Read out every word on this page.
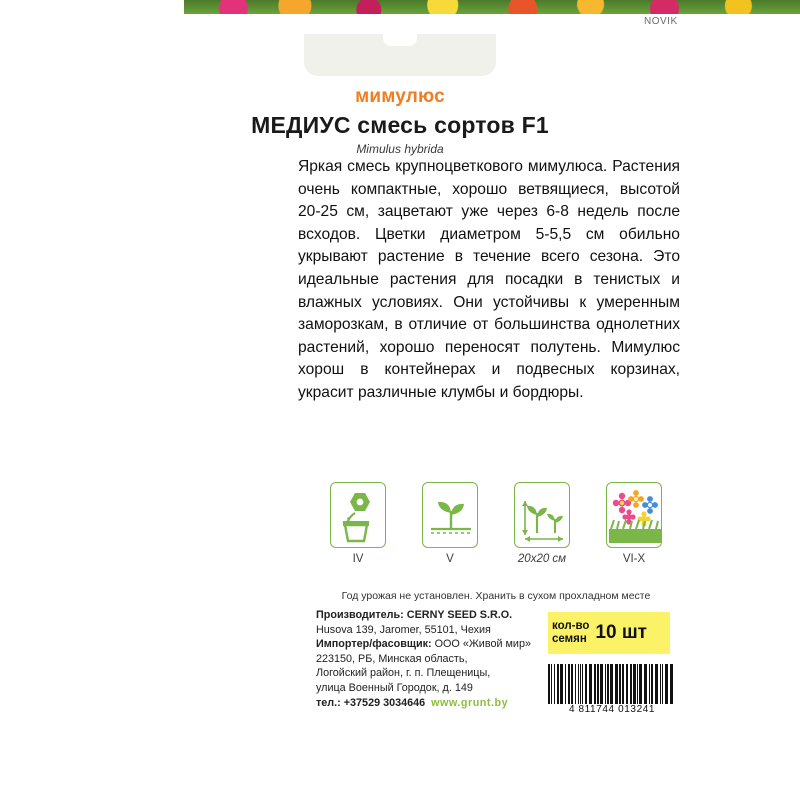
NOVIK
мимулюс
МЕДИУС смесь сортов F1
Mimulus hybrida

Яркая смесь крупноцветкового мимулюса. Растения очень компактные, хорошо ветвящиеся, высотой 20-25 см, зацветают уже через 6-8 недель после всходов. Цветки диаметром 5-5,5 см обильно укрывают растение в течение всего сезона. Это идеальные растения для посадки в тенистых и влажных условиях. Они устойчивы к умеренным заморозкам, в отличие от большинства однолетних растений, хорошо переносят полутень. Мимулюс хорош в контейнерах и подвесных корзинах, украсит различные клумбы и бордюры.

IV	V	20x20 см	VI-X
Год урожая не установлен. Хранить в сухом прохладном месте
Производитель: CERNY SEED S.R.O.
Husova 139, Jaromer, 55101, Чехия
Импортер/фасовщик: ООО «Живой мир»
223150, РБ, Минская область,
Логойский район, г. п. Плещеницы,
улица Военный Городок, д. 149
тел.: +37529 3034646 www.grunt.by
кол-во
семян 10 шт
4 811744 013241
